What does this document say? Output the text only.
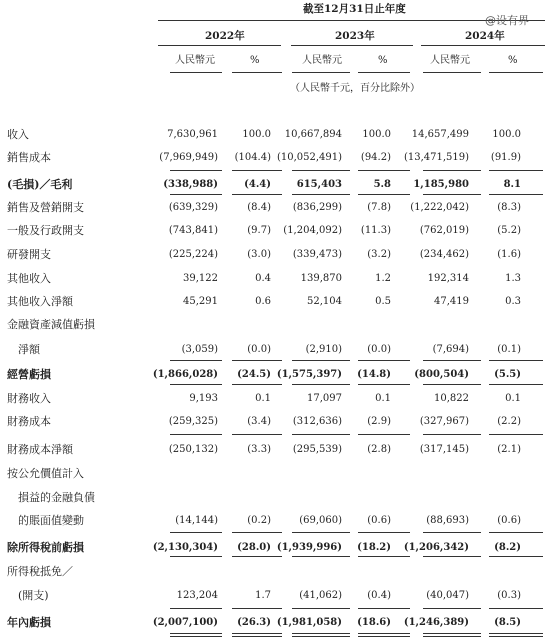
截至12月31日止年度
2022年	2023年	2024年
人民幣元	%	人民幣元	%	人民幣元	%
（人民幣千元，百分比除外）
@设有界
收入	7,630,961 100.0 10,667,894 100.0 14,657,499 100.0
銷售成本	(7,969,949) (104.4) (10,052,491) (94.2) (13,471,519) (91.9)
(毛損)／毛利	(338,988)	(4.4)	615,403	5.8 1,185,980	8.1
銷售及營銷開支	(639,329)	(8.4) (836,299)	(7.8) (1,222,042)	(8.3)
一般及行政開支	(743,841)	(9.7) (1,204,092) (11.3)	(762,019)	(5.2)
研發開支	(225,224)	(3.0) (339,473)	(3.2)	(234,462)	(1.6)
其他收入	39,122	0.4	139,870	1.2	192,314	1.3
其他收入淨額	45,291	0.6	52,104	0.5	47,419	0.3
金融資產減值虧損
　淨額	(3,059)	(0.0)	(2,910)	(0.0)	(7,694)	(0.1)
經營虧損	(1,866,028) (24.5) (1,575,397) (14.8) (800,504)	(5.5)
財務收入	9,193	0.1	17,097	0.1	10,822	0.1
財務成本	(259,325)	(3.4) (312,636)	(2.9)	(327,967)	(2.2)
財務成本淨額	(250,132)	(3.3) (295,539)	(2.8)	(317,145)	(2.1)
按公允價值計入
　損益的金融負債
　的賬面值變動	(14,144)	(0.2)	(69,060)	(0.6)	(88,693)	(0.6)
除所得稅前虧損	(2,130,304) (28.0) (1,939,996) (18.2) (1,206,342)	(8.2)
所得稅抵免／
　(開支)	123,204	1.7	(41,062)	(0.4)	(40,047)	(0.3)
年內虧損	(2,007,100) (26.3) (1,981,058) (18.6) (1,246,389)	(8.5)
